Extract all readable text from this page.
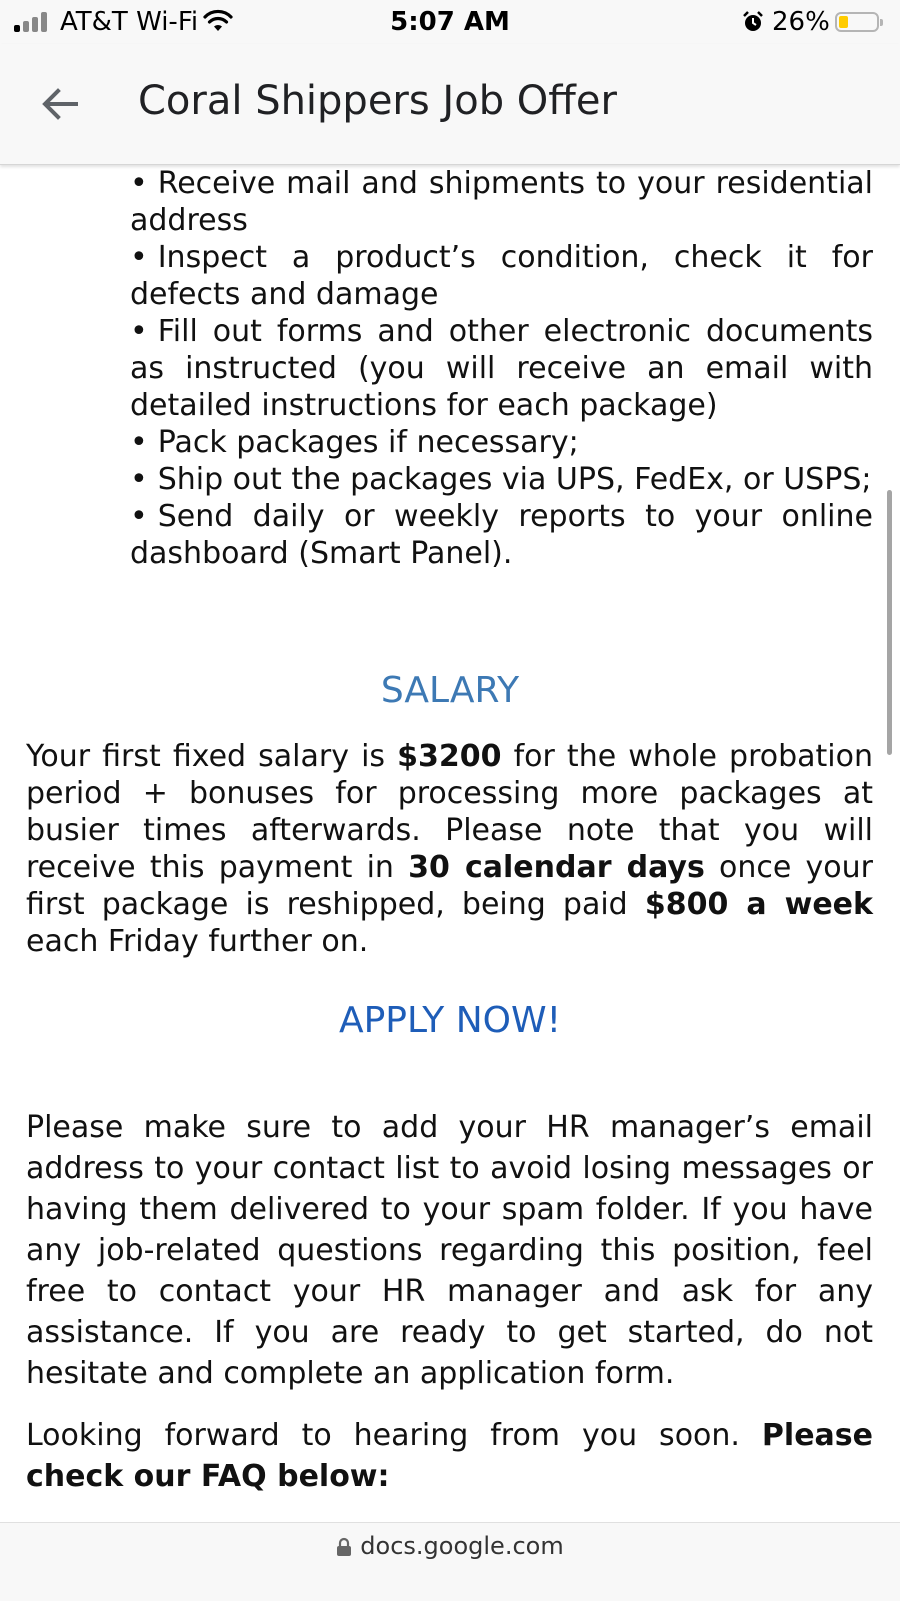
AT&T Wi-Fi	5:07 AM	26%
Coral Shippers Job Offer
• Receive mail and shipments to your residential address
• Inspect a product’s condition, check it for defects and damage
• Fill out forms and other electronic documents as instructed (you will receive an email with detailed instructions for each package)
• Pack packages if necessary;
• Ship out the packages via UPS, FedEx, or USPS;
• Send daily or weekly reports to your online dashboard (Smart Panel).
SALARY

Your first fixed salary is $3200 for the whole probation period + bonuses for processing more packages at busier times afterwards. Please note that you will receive this payment in 30 calendar days once your first package is reshipped, being paid $800 a week each Friday further on.

APPLY NOW!

Please make sure to add your HR manager’s email address to your contact list to avoid losing messages or having them delivered to your spam folder. If you have any job-related questions regarding this position, feel free to contact your HR manager and ask for any assistance. If you are ready to get started, do not hesitate and complete an application form.

Looking forward to hearing from you soon. Please check our FAQ below:

docs.google.com
